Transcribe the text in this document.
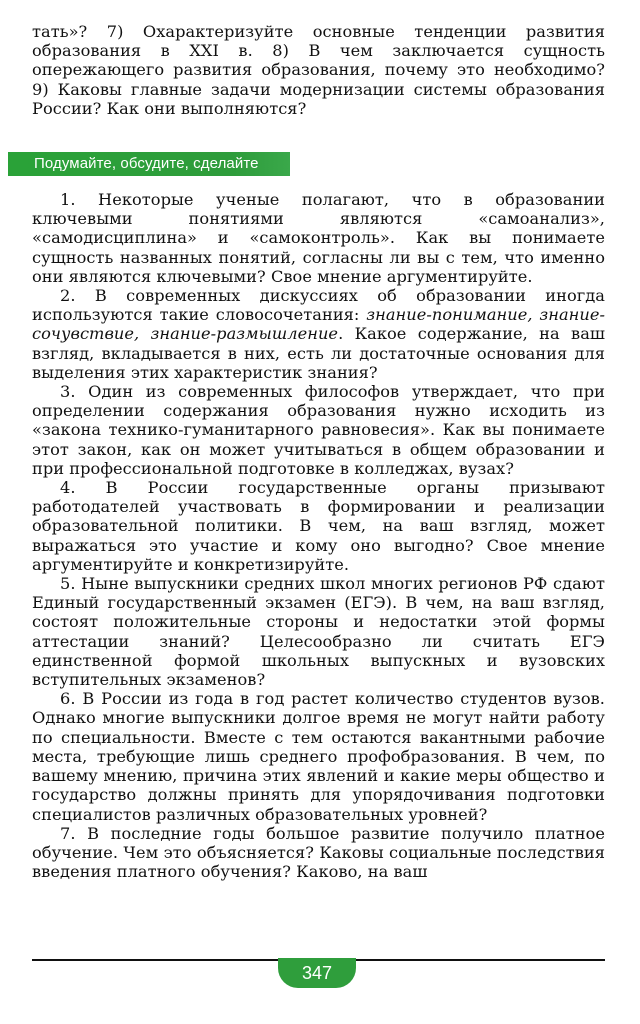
тать»? 7) Охарактеризуйте основные тенденции развития образования в XXI в. 8) В чем заключается сущность опережающего развития образования, почему это необходимо? 9) Каковы главные задачи модернизации системы образования России? Как они выполняются?

Подумайте, обсудите, сделайте

1. Некоторые ученые полагают, что в образовании ключевыми понятиями являются «самоанализ», «самодисциплина» и «самоконтроль». Как вы понимаете сущность названных понятий, согласны ли вы с тем, что именно они являются ключевыми? Свое мнение аргументируйте.

2. В современных дискуссиях об образовании иногда используются такие словосочетания: знание-понимание, знание-сочувствие, знание-размышление. Какое содержание, на ваш взгляд, вкладывается в них, есть ли достаточные основания для выделения этих характеристик знания?

3. Один из современных философов утверждает, что при определении содержания образования нужно исходить из «закона технико-гуманитарного равновесия». Как вы понимаете этот закон, как он может учитываться в общем образовании и при профессиональной подготовке в колледжах, вузах?

4. В России государственные органы призывают работодателей участвовать в формировании и реализации образовательной политики. В чем, на ваш взгляд, может выражаться это участие и кому оно выгодно? Свое мнение аргументируйте и конкретизируйте.

5. Ныне выпускники средних школ многих регионов РФ сдают Единый государственный экзамен (ЕГЭ). В чем, на ваш взгляд, состоят положительные стороны и недостатки этой формы аттестации знаний? Целесообразно ли считать ЕГЭ единственной формой школьных выпускных и вузовских вступительных экзаменов?

6. В России из года в год растет количество студентов вузов. Однако многие выпускники долгое время не могут найти работу по специальности. Вместе с тем остаются вакантными рабочие места, требующие лишь среднего профобразования. В чем, по вашему мнению, причина этих явлений и какие меры общество и государство должны принять для упорядочивания подготовки специалистов различных образовательных уровней?

7. В последние годы большое развитие получило платное обучение. Чем это объясняется? Каковы социальные последствия введения платного обучения? Каково, на ваш

347
